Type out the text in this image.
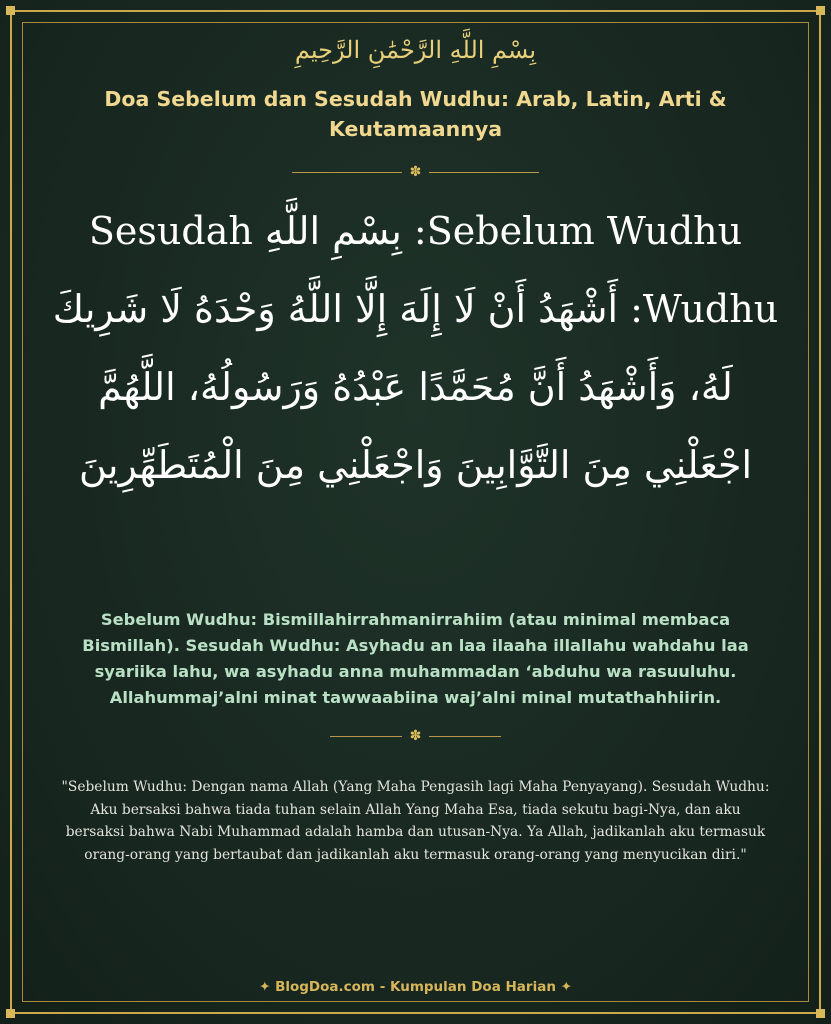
بِسْمِ اللَّهِ الرَّحْمَٰنِ الرَّحِيمِ
Doa Sebelum dan Sesudah Wudhu: Arab, Latin, Arti & Keutamaannya
✽
Sebelum Wudhu: بِسْمِ اللَّهِ Sesudah Wudhu: أَشْهَدُ أَنْ لَا إِلَهَ إِلَّا اللَّهُ وَحْدَهُ لَا شَرِيكَ لَهُ، وَأَشْهَدُ أَنَّ مُحَمَّدًا عَبْدُهُ وَرَسُولُهُ، اللَّهُمَّ اجْعَلْنِي مِنَ التَّوَّابِينَ وَاجْعَلْنِي مِنَ الْمُتَطَهِّرِينَ
Sebelum Wudhu: Bismillahirrahmanirrahiim (atau minimal membaca Bismillah). Sesudah Wudhu: Asyhadu an laa ilaaha illallahu wahdahu laa syariika lahu, wa asyhadu anna muhammadan ‘abduhu wa rasuuluhu. Allahummaj’alni minat tawwaabiina waj’alni minal mutathahhiirin.
✽
"Sebelum Wudhu: Dengan nama Allah (Yang Maha Pengasih lagi Maha Penyayang). Sesudah Wudhu: Aku bersaksi bahwa tiada tuhan selain Allah Yang Maha Esa, tiada sekutu bagi-Nya, dan aku bersaksi bahwa Nabi Muhammad adalah hamba dan utusan-Nya. Ya Allah, jadikanlah aku termasuk orang-orang yang bertaubat dan jadikanlah aku termasuk orang-orang yang menyucikan diri."
✦ BlogDoa.com - Kumpulan Doa Harian ✦
